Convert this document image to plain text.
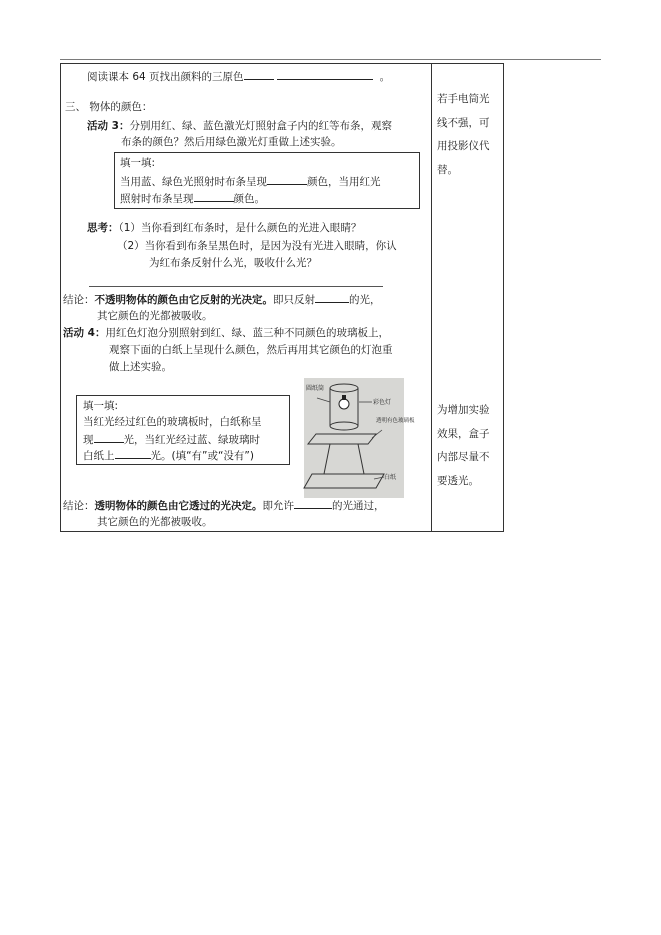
阅读课本 64 页找出颜料的三原色	。
三、 物体的颜色：
活动 3：分别用红、绿、蓝色激光灯照射盒子内的红等布条，观察
布条的颜色？然后用绿色激光灯重做上述实验。
填一填:
当用蓝、绿色光照射时布条呈现	颜色，当用红光
照射时布条呈现	颜色。
思考：（1）当你看到红布条时，是什么颜色的光进入眼睛？
（2）当你看到布条呈黑色时，是因为没有光进入眼睛，你认
为红布条反射什么光，吸收什么光？
结论：不透明物体的颜色由它反射的光决定。即只反射	的光，
其它颜色的光都被吸收。
活动 4：用红色灯泡分别照射到红、绿、蓝三种不同颜色的玻璃板上，
观察下面的白纸上呈现什么颜色，然后再用其它颜色的灯泡重
做上述实验。
填一填:
当红光经过红色的玻璃板时，白纸称呈
现	光，当红光经过蓝、绿玻璃时
白纸上	光。(填“有”或“没有”)
圆纸筒
彩色灯
透明有色玻璃板
白纸
结论：透明物体的颜色由它透过的光决定。即允许	的光通过，
其它颜色的光都被吸收。
若手电筒光
线不强，可
用投影仪代
替。
为增加实验
效果，盒子
内部尽量不
要透光。
